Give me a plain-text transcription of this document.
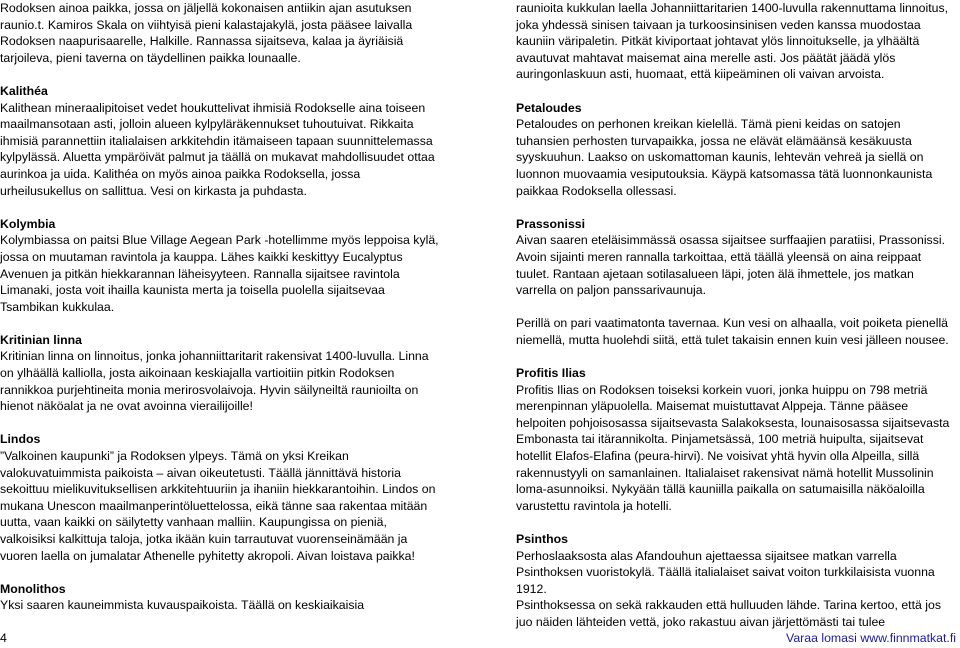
Rodoksen ainoa paikka, jossa on jäljellä kokonaisen antiikin ajan asutuksen raunio.t. Kamiros Skala on viihtyisä pieni kalastajakylä, josta pääsee laivalla Rodoksen naapurisaarelle, Halkille. Rannassa sijaitseva, kalaa ja äyriäisiä tarjoileva, pieni taverna on täydellinen paikka lounaalle.

Kalithéa

Kalithean mineraalipitoiset vedet houkuttelivat ihmisiä Rodokselle aina toiseen maailmansotaan asti, jolloin alueen kylpyläräkennukset tuhoutuivat. Rikkaita ihmisiä parannettiin italialaisen arkkitehdin itämaiseen tapaan suunnittelemassa kylpylässä. Aluetta ympäröivät palmut ja täällä on mukavat mahdollisuudet ottaa aurinkoa ja uida. Kalithéa on myös ainoa paikka Rodoksella, jossa urheilusukellus on sallittua. Vesi on kirkasta ja puhdasta.

Kolymbia

Kolymbiassa on paitsi Blue Village Aegean Park -hotellimme myös leppoisa kylä, jossa on muutaman ravintola ja kauppa. Lähes kaikki keskittyy Eucalyptus Avenuen ja pitkän hiekkarannan läheisyyteen. Rannalla sijaitsee ravintola Limanaki, josta voit ihailla kaunista merta ja toisella puolella sijaitsevaa Tsambikan kukkulaa.

Kritinian linna

Kritinian linna on linnoitus, jonka johanniittaritarit rakensivat 1400-luvulla. Linna on ylhäällä kalliolla, josta aikoinaan keskiajalla vartioitiin pitkin Rodoksen rannikkoa purjehtineita monia merirosvolaivoja. Hyvin säilyneiltä raunioilta on hienot näköalat ja ne ovat avoinna vierailijoille!

Lindos

”Valkoinen kaupunki” ja Rodoksen ylpeys. Tämä on yksi Kreikan valokuvatuimmista paikoista – aivan oikeutetusti. Täällä jännittävä historia sekoittuu mielikuvituksellisen arkkitehtuuriin ja ihaniin hiekkarantoihin. Lindos on mukana Unescon maailmanperintöluettelossa, eikä tänne saa rakentaa mitään uutta, vaan kaikki on säilytetty vanhaan malliin. Kaupungissa on pieniä, valkoisiksi kalkittuja taloja, jotka ikään kuin tarrautuvat vuorenseinämään ja vuoren laella on jumalatar Athenelle pyhitetty akropoli. Aivan loistava paikka!

Monolithos

Yksi saaren kauneimmista kuvauspaikoista. Täällä on keskiaikaisia

raunioita kukkulan laella Johanniittaritarien 1400-luvulla rakennuttama linnoitus, joka yhdessä sinisen taivaan ja turkoosinsinisen veden kanssa muodostaa kauniin väripaletin. Pitkät kiviportaat johtavat ylös linnoitukselle, ja ylhäältä avautuvat mahtavat maisemat aina merelle asti. Jos päätät jäädä ylös auringonlaskuun asti, huomaat, että kiipeäminen oli vaivan arvoista.

Petaloudes

Petaloudes on perhonen kreikan kielellä. Tämä pieni keidas on satojen tuhansien perhosten turvapaikka, jossa ne elävät elämäänsä kesäkuusta syyskuuhun. Laakso on uskomattoman kaunis, lehtevän vehreä ja siellä on luonnon muovaamia vesiputouksia. Käypä katsomassa tätä luonnonkaunista paikkaa Rodoksella ollessasi.

Prassonissi

Aivan saaren eteläisimmässä osassa sijaitsee surffaajien paratiisi, Prassonissi. Avoin sijainti meren rannalla tarkoittaa, että täällä yleensä on aina reippaat tuulet. Rantaan ajetaan sotilasalueen läpi, joten älä ihmettele, jos matkan varrella on paljon panssarivaunuja.

Perillä on pari vaatimatonta tavernaa. Kun vesi on alhaalla, voit poiketa pienellä niemellä, mutta huolehdi siitä, että tulet takaisin ennen kuin vesi jälleen nousee.

Profitis Ilias

Profitis Ilias on Rodoksen toiseksi korkein vuori, jonka huippu on 798 metriä merenpinnan yläpuolella. Maisemat muistuttavat Alppeja. Tänne pääsee helpoiten pohjoisosassa sijaitsevasta Salakoksesta, lounaisosassa sijaitsevasta Embonasta tai itärannikolta. Pinjametsässä, 100 metriä huipulta, sijaitsevat hotellit Elafos-Elafina (peura-hirvi). Ne voisivat yhtä hyvin olla Alpeilla, sillä rakennustyyli on samanlainen. Italialaiset rakensivat nämä hotellit Mussolinin loma-asunnoiksi. Nykyään tällä kauniilla paikalla on satumaisilla näköaloilla varustettu ravintola ja hotelli.

Psinthos

Perhoslaaksosta alas Afandouhun ajettaessa sijaitsee matkan varrella Psinthoksen vuoristokylä. Täällä italialaiset saivat voiton turkkilaisista vuonna 1912.

Psinthoksessa on sekä rakkauden että hulluuden lähde. Tarina kertoo, että jos juo näiden lähteiden vettä, joko rakastuu aivan järjettömästi tai tulee

4	Varaa lomasi www.finnmatkat.fi
